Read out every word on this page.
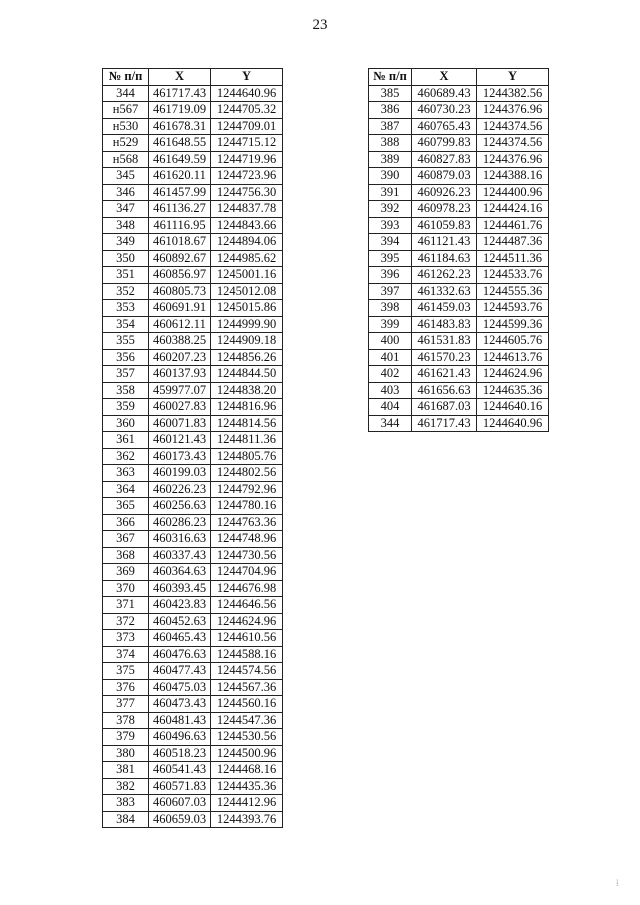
23
№ п/п	X	Y
344	461717.43	1244640.96
н567	461719.09	1244705.32
н530	461678.31	1244709.01
н529	461648.55	1244715.12
н568	461649.59	1244719.96
345	461620.11	1244723.96
346	461457.99	1244756.30
347	461136.27	1244837.78
348	461116.95	1244843.66
349	461018.67	1244894.06
350	460892.67	1244985.62
351	460856.97	1245001.16
352	460805.73	1245012.08
353	460691.91	1245015.86
354	460612.11	1244999.90
355	460388.25	1244909.18
356	460207.23	1244856.26
357	460137.93	1244844.50
358	459977.07	1244838.20
359	460027.83	1244816.96
360	460071.83	1244814.56
361	460121.43	1244811.36
362	460173.43	1244805.76
363	460199.03	1244802.56
364	460226.23	1244792.96
365	460256.63	1244780.16
366	460286.23	1244763.36
367	460316.63	1244748.96
368	460337.43	1244730.56
369	460364.63	1244704.96
370	460393.45	1244676.98
371	460423.83	1244646.56
372	460452.63	1244624.96
373	460465.43	1244610.56
374	460476.63	1244588.16
375	460477.43	1244574.56
376	460475.03	1244567.36
377	460473.43	1244560.16
378	460481.43	1244547.36
379	460496.63	1244530.56
380	460518.23	1244500.96
381	460541.43	1244468.16
382	460571.83	1244435.36
383	460607.03	1244412.96
384	460659.03	1244393.76
№ п/п	X	Y
385	460689.43	1244382.56
386	460730.23	1244376.96
387	460765.43	1244374.56
388	460799.83	1244374.56
389	460827.83	1244376.96
390	460879.03	1244388.16
391	460926.23	1244400.96
392	460978.23	1244424.16
393	461059.83	1244461.76
394	461121.43	1244487.36
395	461184.63	1244511.36
396	461262.23	1244533.76
397	461332.63	1244555.36
398	461459.03	1244593.76
399	461483.83	1244599.36
400	461531.83	1244605.76
401	461570.23	1244613.76
402	461621.43	1244624.96
403	461656.63	1244635.36
404	461687.03	1244640.16
344	461717.43	1244640.96
⁞
